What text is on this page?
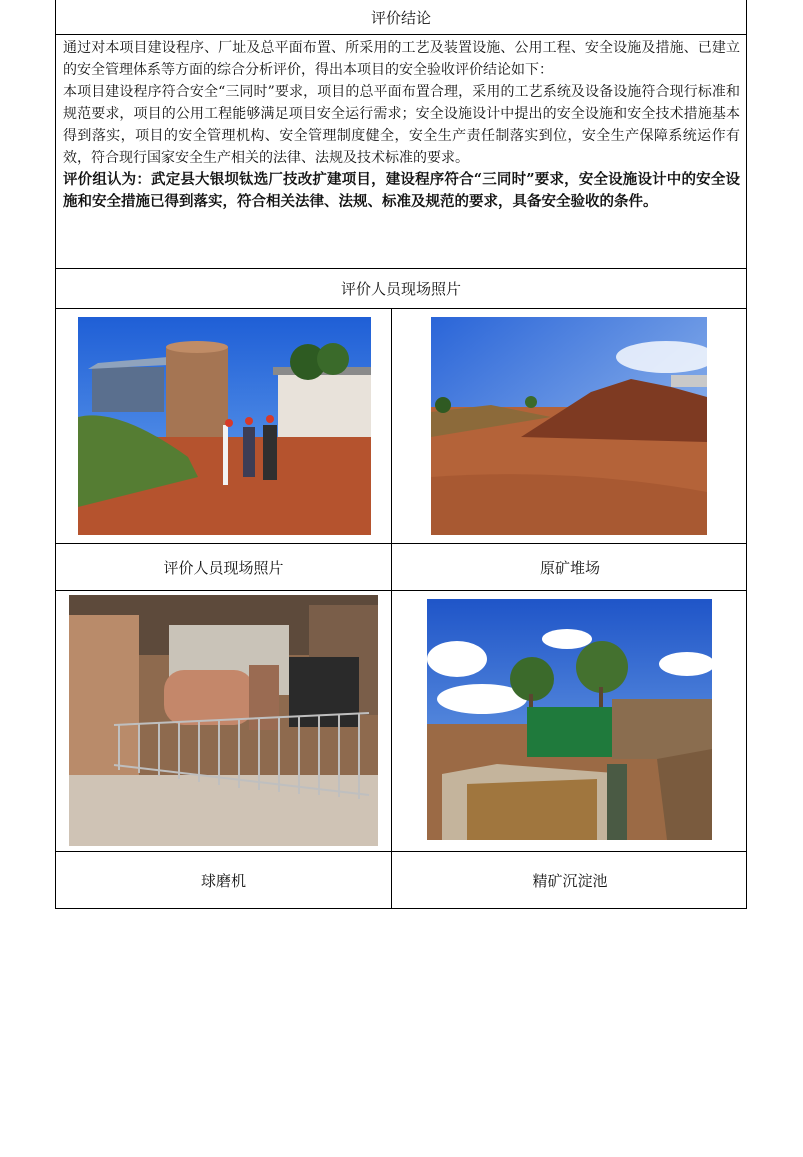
评价结论

通过对本项目建设程序、厂址及总平面布置、所采用的工艺及装置设施、公用工程、安全设施及措施、已建立的安全管理体系等方面的综合分析评价，得出本项目的安全验收评价结论如下：

本项目建设程序符合安全“三同时”要求，项目的总平面布置合理，采用的工艺系统及设备设施符合现行标准和规范要求，项目的公用工程能够满足项目安全运行需求；安全设施设计中提出的安全设施和安全技术措施基本得到落实，项目的安全管理机构、安全管理制度健全，安全生产责任制落实到位，安全生产保障系统运作有效，符合现行国家安全生产相关的法律、法规及技术标准的要求。

评价组认为：武定县大银坝钛选厂技改扩建项目，建设程序符合“三同时”要求，安全设施设计中的安全设施和安全措施已得到落实，符合相关法律、法规、标准及规范的要求，具备安全验收的条件。

评价人员现场照片
评价人员现场照片	原矿堆场
球磨机	精矿沉淀池
